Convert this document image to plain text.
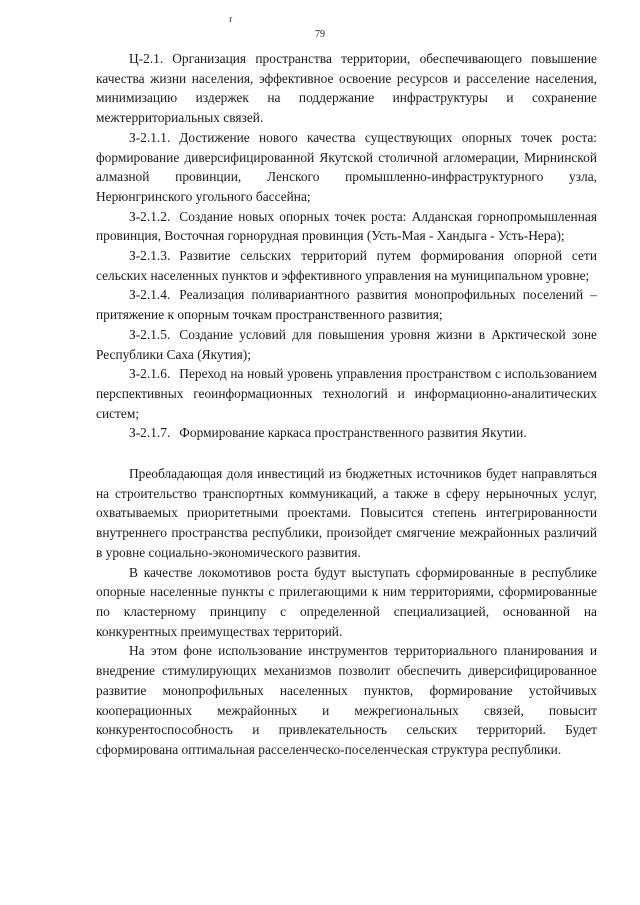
ґ
79

Ц-2.1. Организация пространства территории, обеспечивающего повышение качества жизни населения, эффективное освоение ресурсов и расселение населения, минимизацию издержек на поддержание инфраструктуры и сохранение межтерриториальных связей.

З-2.1.1. Достижение нового качества существующих опорных точек роста: формирование диверсифицированной Якутской столичной агломерации, Мирнинской алмазной провинции, Ленского промышленно-инфраструктурного узла, Нерюнгринского угольного бассейна;

З-2.1.2. Создание новых опорных точек роста: Алданская горнопромышленная провинция, Восточная горнорудная провинция (Усть-Мая - Хандыга - Усть-Нера);

З-2.1.3. Развитие сельских территорий путем формирования опорной сети сельских населенных пунктов и эффективного управления на муниципальном уровне;

З-2.1.4. Реализация поливариантного развития монопрофильных поселений – притяжение к опорным точкам пространственного развития;

З-2.1.5. Создание условий для повышения уровня жизни в Арктической зоне Республики Саха (Якутия);

З-2.1.6. Переход на новый уровень управления пространством с использованием перспективных геоинформационных технологий и информационно-аналитических систем;

З-2.1.7. Формирование каркаса пространственного развития Якутии.

Преобладающая доля инвестиций из бюджетных источников будет направляться на строительство транспортных коммуникаций, а также в сферу нерыночных услуг, охватываемых приоритетными проектами. Повысится степень интегрированности внутреннего пространства республики, произойдет смягчение межрайонных различий в уровне социально-экономического развития.

В качестве локомотивов роста будут выступать сформированные в республике опорные населенные пункты с прилегающими к ним территориями, сформированные по кластерному принципу с определенной специализацией, основанной на конкурентных преимуществах территорий.

На этом фоне использование инструментов территориального планирования и внедрение стимулирующих механизмов позволит обеспечить диверсифицированное развитие монопрофильных населенных пунктов, формирование устойчивых кооперационных межрайонных и межрегиональных связей, повысит конкурентоспособность и привлекательность сельских территорий. Будет сформирована оптимальная расселенческо-поселенческая структура республики.
